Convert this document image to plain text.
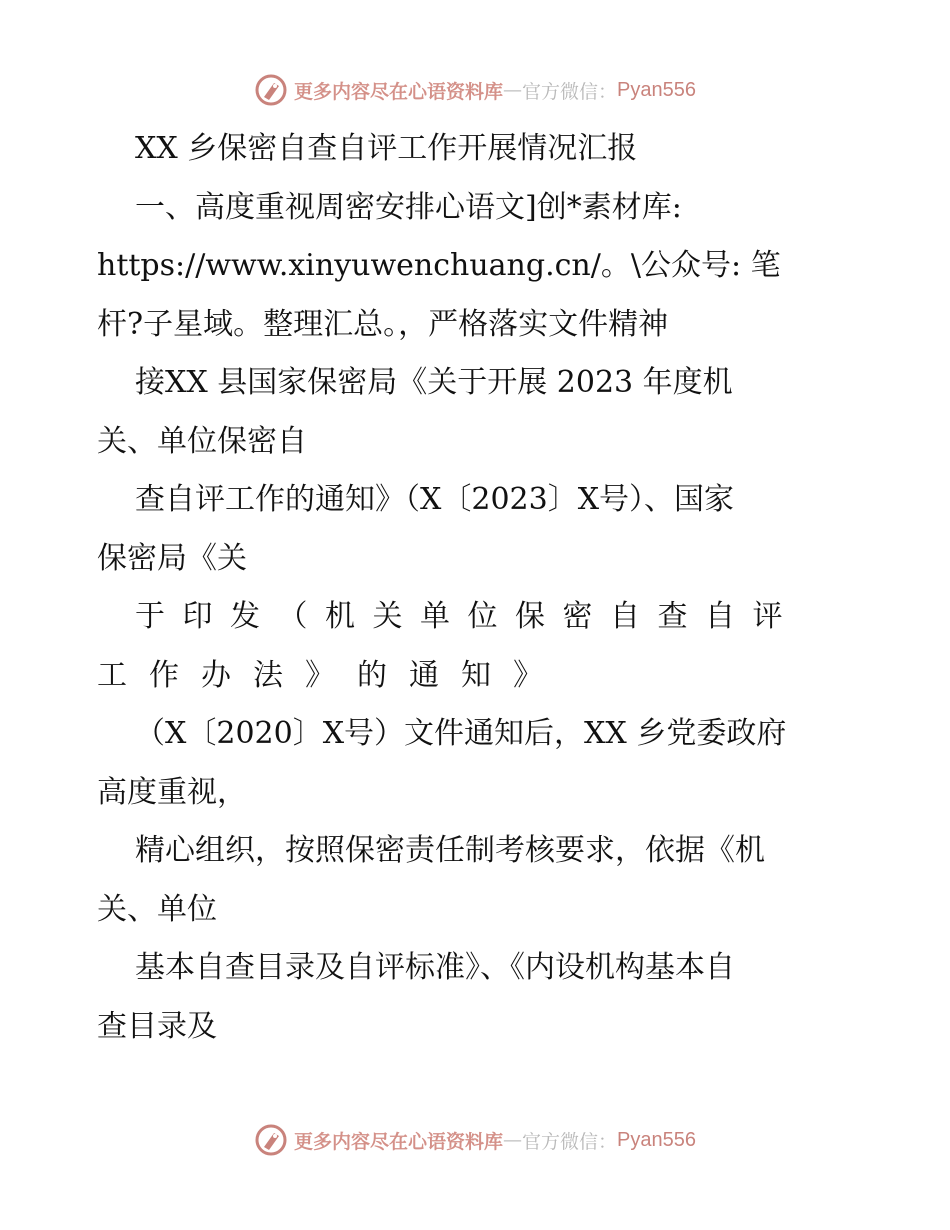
更多内容尽在心语资料库 — 官方微信： Pyan556
XX 乡保密自查自评工作开展情况汇报
一、高度重视周密安排心语文]创*素材库:
https://www.xinyuwenchuang.cn/。\公众号: 笔
杆?子星域。整理汇总。，严格落实文件精神
接XX 县国家保密局《关于开展 2023 年度机
关、单位保密自
查自评工作的通知》（X〔2023〕X号）、国家
保密局《关
于印发（机关单位保密自查自评
工作办法》的通知》
（X〔2020〕X号）文件通知后，XX 乡党委政府
高度重视，
精心组织，按照保密责任制考核要求，依据《机
关、单位
基本自查目录及自评标准》、《内设机构基本自
查目录及
更多内容尽在心语资料库 — 官方微信： Pyan556
